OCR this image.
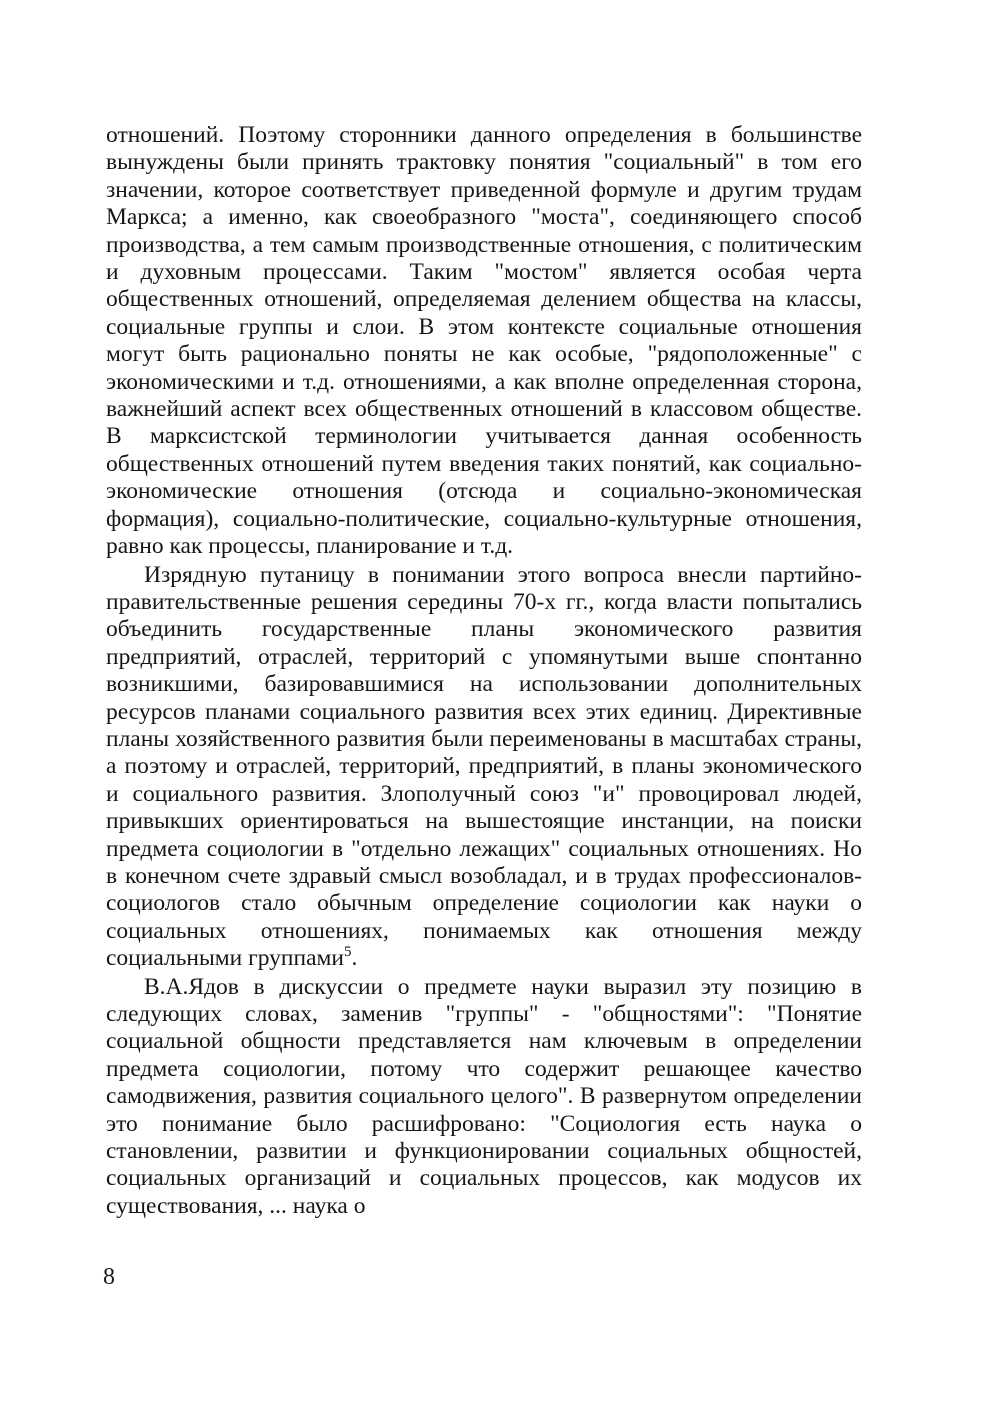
отношений. Поэтому сторонники данного определения в большинстве вынуждены были принять трактовку понятия "социальный" в том его значении, которое соответствует приведенной формуле и другим трудам Маркса; а именно, как своеобразного "моста", соединяющего способ производства, а тем самым производственные отношения, с политическим и духовным процессами. Таким "мостом" является особая черта общественных отношений, определяемая делением общества на классы, социальные группы и слои. В этом контексте социальные отношения могут быть рационально поняты не как особые, "рядоположенные" с экономическими и т.д. отношениями, а как вполне определенная сторона, важнейший аспект всех общественных отношений в классовом обществе. В марксистской терминологии учитывается данная особенность общественных отношений путем введения таких понятий, как социально-экономические отношения (отсюда и социально-экономическая формация), социально-политические, социально-культурные отношения, равно как процессы, планирование и т.д.

Изрядную путаницу в понимании этого вопроса внесли партийно-правительственные решения середины 70-х гг., когда власти попытались объединить государственные планы экономического развития предприятий, отраслей, территорий с упомянутыми выше спонтанно возникшими, базировавшимися на использовании дополнительных ресурсов планами социального развития всех этих единиц. Директивные планы хозяйственного развития были переименованы в масштабах страны, а поэтому и отраслей, территорий, предприятий, в планы экономического и социального развития. Злополучный союз "и" провоцировал людей, привыкших ориентироваться на вышестоящие инстанции, на поиски предмета социологии в "отдельно лежащих" социальных отношениях. Но в конечном счете здравый смысл возобладал, и в трудах профессионалов-социологов стало обычным определение социологии как науки о социальных отношениях, понимаемых как отношения между социальными группами$^5$.

В.А.Ядов в дискуссии о предмете науки выразил эту позицию в следующих словах, заменив "группы" - "общностями": "Понятие социальной общности представляется нам ключевым в определении предмета социологии, потому что содержит решающее качество самодвижения, развития социального целого". В развернутом определении это понимание было расшифровано: "Социология есть наука о становлении, развитии и функционировании социальных общностей, социальных организаций и социальных процессов, как модусов их существования, ... наука о

8
